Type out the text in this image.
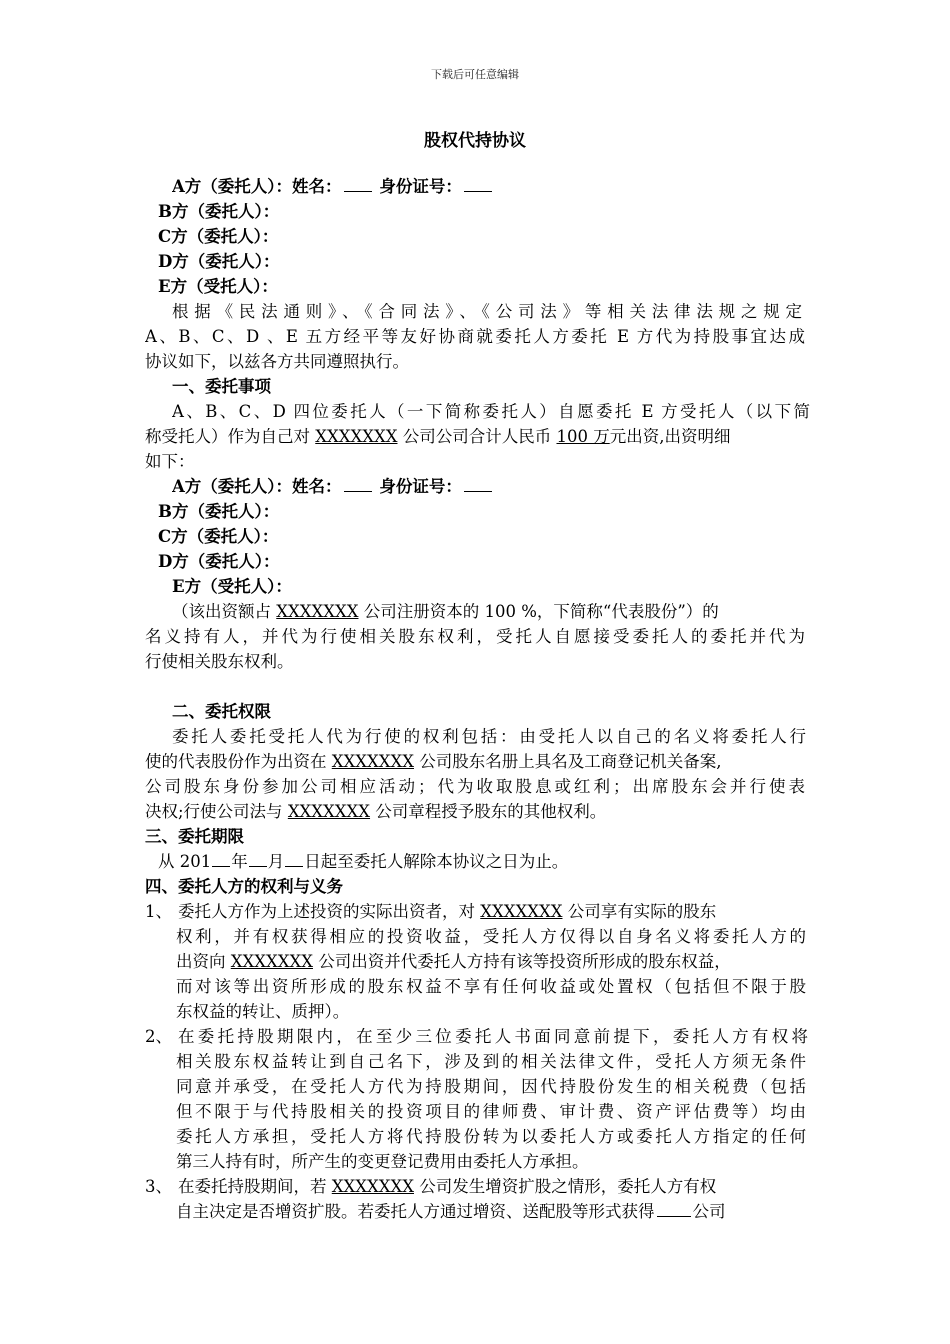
下载后可任意编辑
股权代持协议
A方（委托人）：姓名： 身份证号：
B方（委托人）：
C方（委托人）：
D方（委托人）：
E方（受托人）：
根据《民法通则》、《合同法》、《公司法》等相关法律法规之规定
A、B、C、D 、E 五方经平等友好协商就委托人方委托 E 方代为持股事宜达成
协议如下，以兹各方共同遵照执行。
一、委托事项
A、B、C、D 四位委托人（一下简称委托人）自愿委托 E 方受托人（以下简
称受托人）作为自己对 XXXXXXX 公司公司合计人民币 100 万元出资,出资明细
如下：
A方（委托人）：姓名： 身份证号：
B方（委托人）：
C方（委托人）：
D方（委托人）：
E方（受托人）：
（该出资额占 XXXXXXX 公司注册资本的 100 %，下简称“代表股份”）的
名义持有人，并代为行使相关股东权利，受托人自愿接受委托人的委托并代为
行使相关股东权利。
二、委托权限
委托人委托受托人代为行使的权利包括：由受托人以自己的名义将委托人行
使的代表股份作为出资在 XXXXXXX 公司股东名册上具名及工商登记机关备案,
公司股东身份参加公司相应活动；代为收取股息或红利；出席股东会并行使表
决权;行使公司法与 XXXXXXX 公司章程授予股东的其他权利。
三、委托期限
从 201 年 月 日起至委托人解除本协议之日为止。
四、委托人方的权利与义务
1、 委托人方作为上述投资的实际出资者，对 XXXXXXX 公司享有实际的股东
权利，并有权获得相应的投资收益，受托人方仅得以自身名义将委托人方的
出资向 XXXXXXX 公司出资并代委托人方持有该等投资所形成的股东权益，
而对该等出资所形成的股东权益不享有任何收益或处置权（包括但不限于股
东权益的转让、质押）。
2、 在委托持股期限内，在至少三位委托人书面同意前提下，委托人方有权将
相关股东权益转让到自己名下，涉及到的相关法律文件，受托人方须无条件
同意并承受，在受托人方代为持股期间，因代持股份发生的相关税费（包括
但不限于与代持股相关的投资项目的律师费、审计费、资产评估费等）均由
委托人方承担，受托人方将代持股份转为以委托人方或委托人方指定的任何
第三人持有时，所产生的变更登记费用由委托人方承担。
3、 在委托持股期间，若 XXXXXXX 公司发生增资扩股之情形，委托人方有权
自主决定是否增资扩股。若委托人方通过增资、送配股等形式获得 公司
